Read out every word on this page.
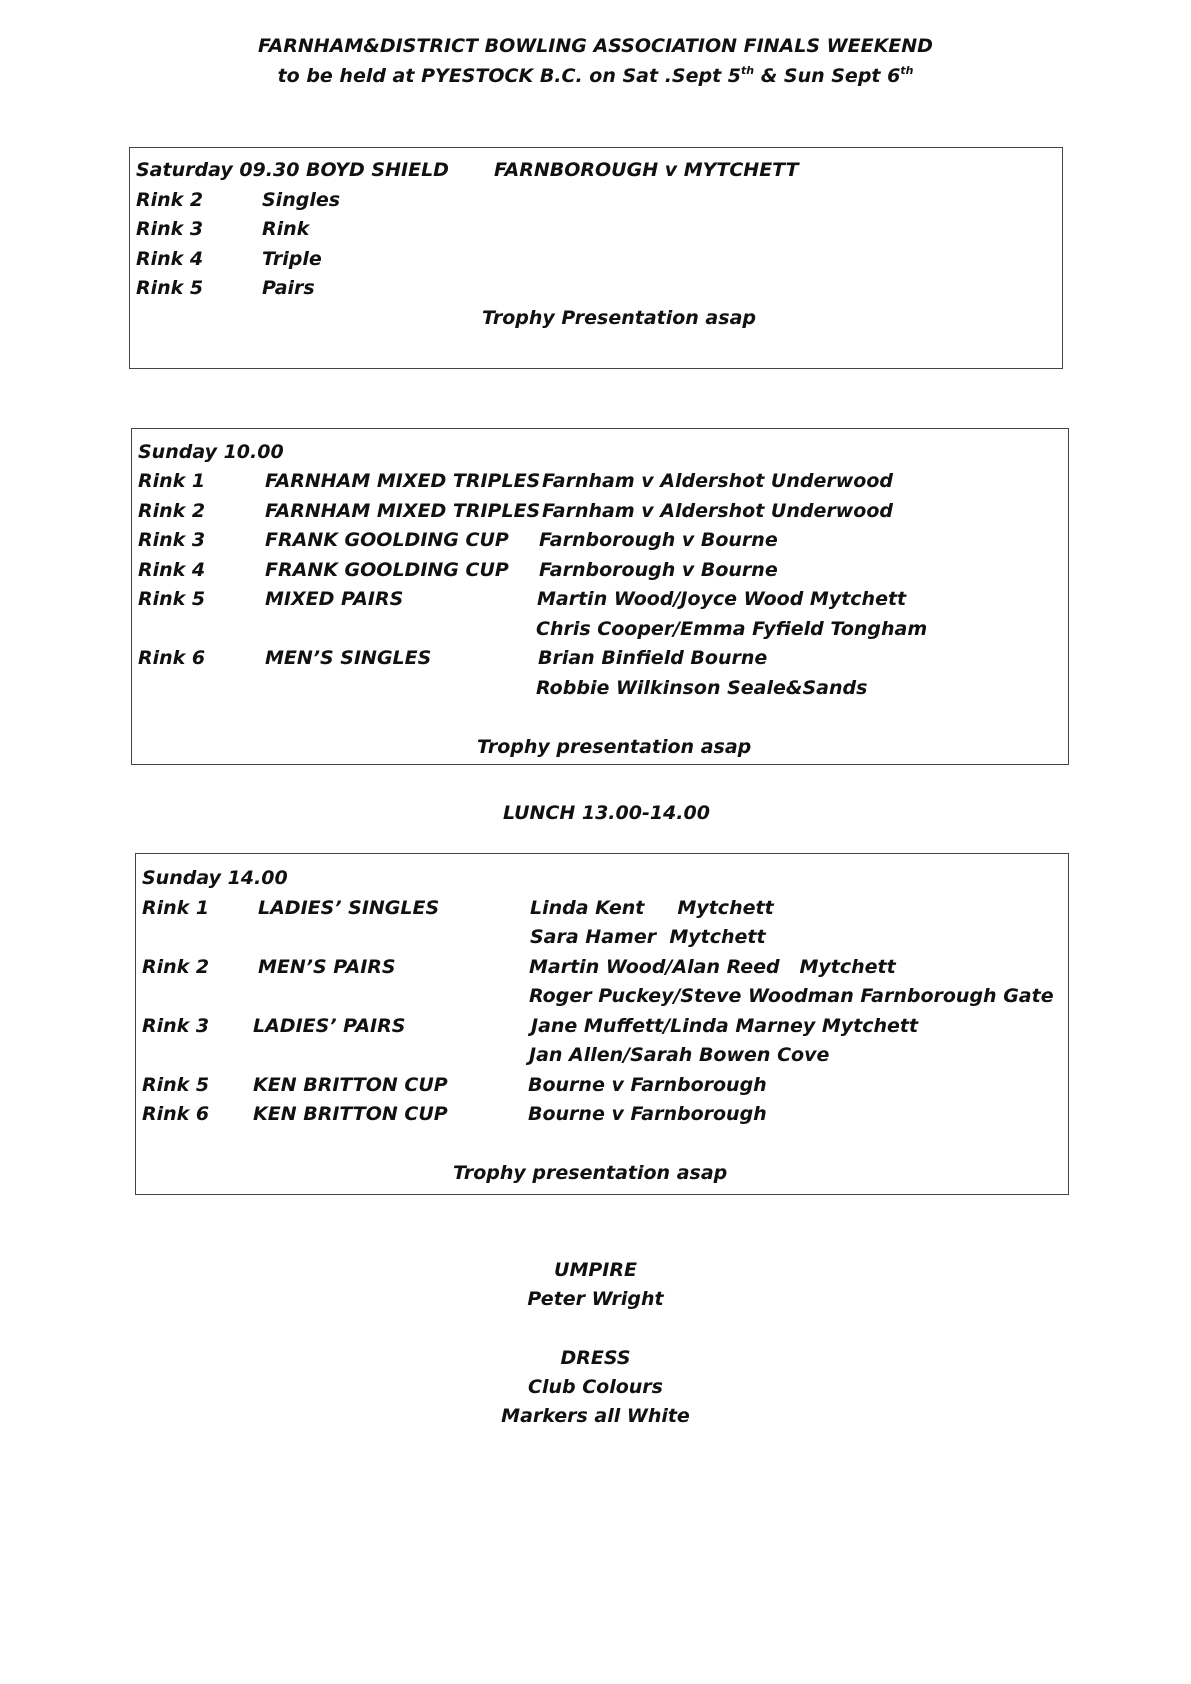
FARNHAM&DISTRICT BOWLING ASSOCIATION FINALS WEEKEND
to be held at PYESTOCK B.C. on Sat .Sept 5th & Sun Sept 6th
Saturday 09.30 BOYD SHIELD FARNBOROUGH v MYTCHETT
Rink 2	Singles
Rink 3	Rink
Rink 4	Triple
Rink 5	Pairs
Trophy Presentation asap
Sunday 10.00
Rink 1	FARNHAM MIXED TRIPLES Farnham v Aldershot Underwood
Rink 2	FARNHAM MIXED TRIPLES Farnham v Aldershot Underwood
Rink 3	FRANK GOOLDING CUP Farnborough v Bourne
Rink 4	FRANK GOOLDING CUP Farnborough v Bourne
Rink 5	MIXED PAIRS	Martin Wood/Joyce Wood Mytchett
Chris Cooper/Emma Fyfield Tongham
Rink 6	MEN’S SINGLES	Brian Binfield Bourne
Robbie Wilkinson Seale&Sands
Trophy presentation asap
LUNCH 13.00-14.00
Sunday 14.00
Rink 1	LADIES’ SINGLES	Linda Kent     Mytchett
Sara Hamer  Mytchett
Rink 2	MEN’S PAIRS	Martin Wood/Alan Reed   Mytchett
Roger Puckey/Steve Woodman Farnborough Gate
Rink 3 LADIES’ PAIRS	Jane Muffett/Linda Marney Mytchett
Jan Allen/Sarah Bowen Cove
Rink 5 KEN BRITTON CUP	Bourne v Farnborough
Rink 6 KEN BRITTON CUP	Bourne v Farnborough
Trophy presentation asap
UMPIRE
Peter Wright
DRESS
Club Colours
Markers all White
